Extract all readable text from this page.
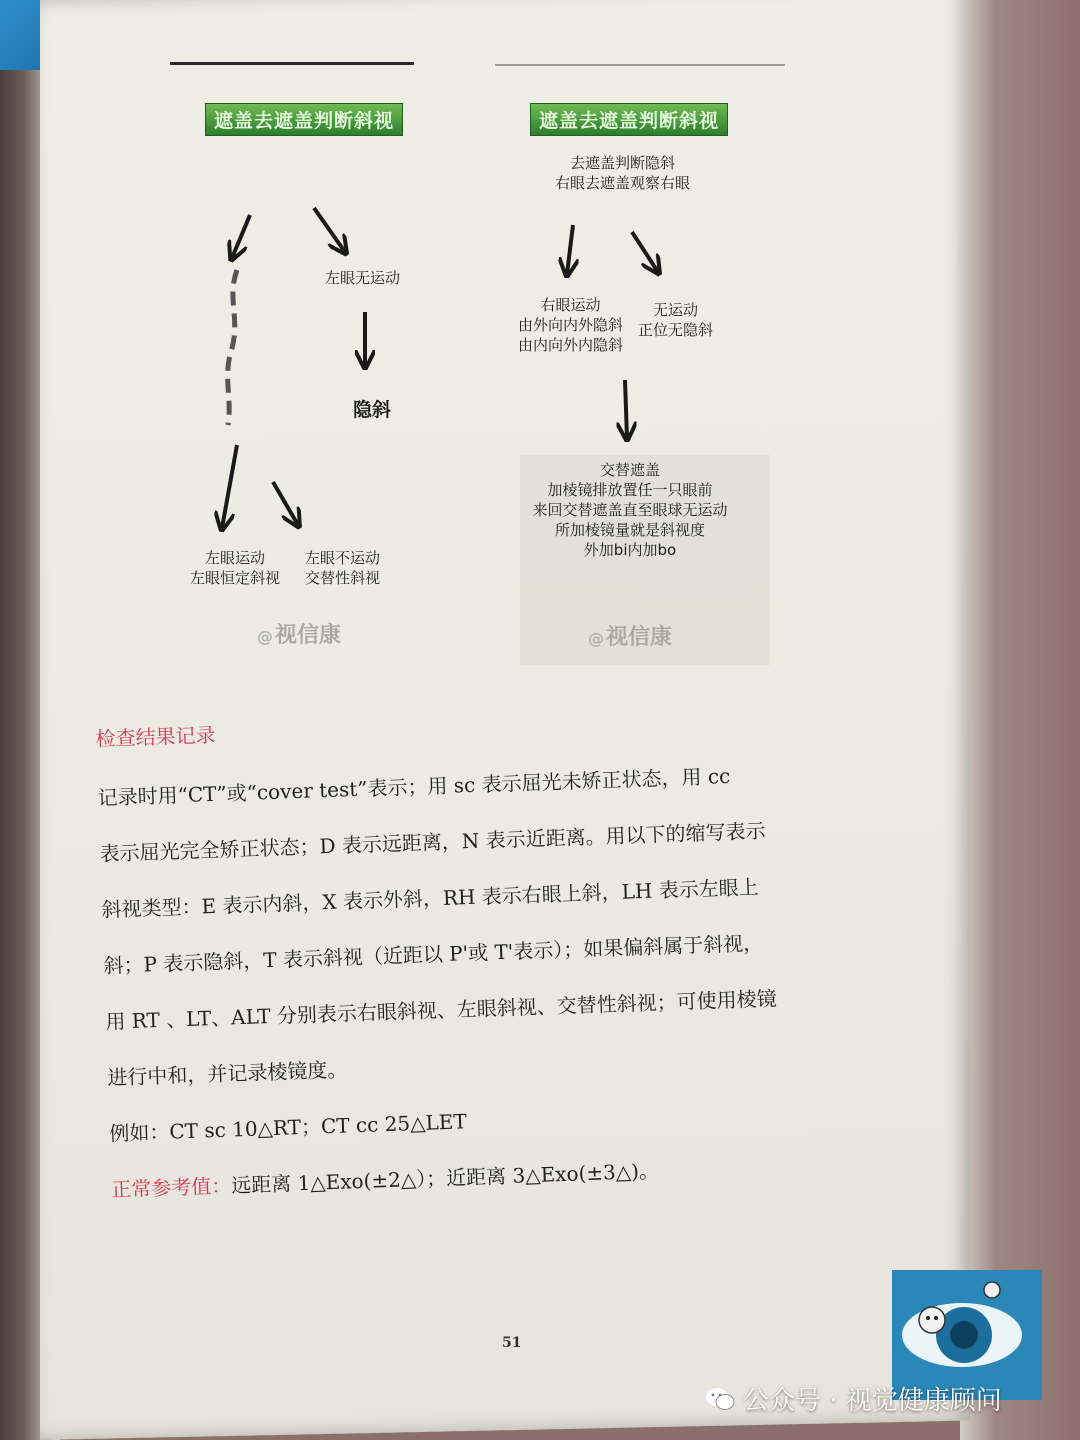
遮盖去遮盖判断斜视
左眼无运动
隐斜
左眼运动
左眼恒定斜视
左眼不运动
交替性斜视
@视信康
遮盖去遮盖判断斜视
去遮盖判断隐斜
右眼去遮盖观察右眼
右眼运动
由外向内外隐斜
由内向外内隐斜
无运动
正位无隐斜
交替遮盖
加棱镜排放置任一只眼前
来回交替遮盖直至眼球无运动
所加棱镜量就是斜视度
外加bi内加bo
@视信康
检查结果记录

记录时用“CT”或“cover test”表示；用 sc 表示屈光未矫正状态，用 cc

表示屈光完全矫正状态；D 表示远距离，N 表示近距离。用以下的缩写表示

斜视类型：E 表示内斜，X 表示外斜，RH 表示右眼上斜，LH 表示左眼上

斜；P 表示隐斜，T 表示斜视（近距以 P'或 T'表示）；如果偏斜属于斜视，

用 RT 、LT、ALT 分别表示右眼斜视、左眼斜视、交替性斜视；可使用棱镜

进行中和，并记录棱镜度。

例如：CT sc 10△RT；CT cc 25△LET

正常参考值：远距离 1△Exo(±2△）；近距离 3△Exo(±3△)。

51
公众号 · 视觉健康顾问
